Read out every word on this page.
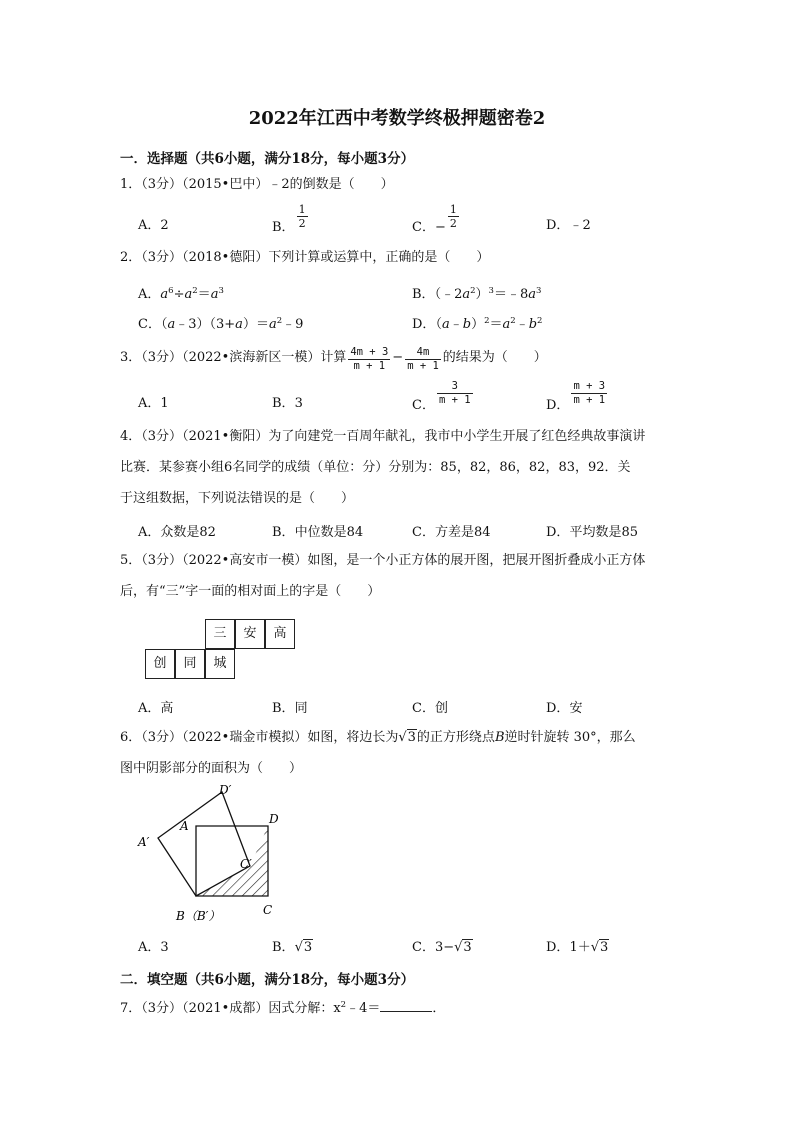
2022年江西中考数学终极押题密卷2
一．选择题（共6小题，满分18分，每小题3分）
1．（3分）（2015•巴中）﹣2的倒数是（　　）
A．2	B． $\frac{1}{2}$	C．− $\frac{1}{2}$	D．﹣2
2．（3分）（2018•德阳）下列计算或运算中，正确的是（　　）
A．$a^6\div a^2=a^3$	B．$(﹣2a^2)^3=﹣8a^3$
C．$(a﹣3)(3+a)=a^2﹣9$	D．$(a﹣b)^2=a^2﹣b^2$
3．（3分）（2022•滨海新区一模）计算 $\frac{4m + 3}{m + 1} - \frac{4m}{m + 1}$ 的结果为（　　）
A．1	B．3	C． $\frac{3}{m + 1}$	D． $\frac{m + 3}{m + 1}$
4．（3分）（2021•衡阳）为了向建党一百周年献礼，我市中小学生开展了红色经典故事演讲
比赛．某参赛小组6名同学的成绩（单位：分）分别为：85，82，86，82，83，92．关
于这组数据，下列说法错误的是（　　）
A．众数是82	B．中位数是84	C．方差是84	D．平均数是85
5．（3分）（2022•高安市一模）如图，是一个小正方体的展开图，把展开图折叠成小正方体
后，有“三”字一面的相对面上的字是（　　）
三	安	高
创	同	城
A．高	B．同	C．创	D．安
6．（3分）（2022•瑞金市模拟）如图，将边长为√3的正方形绕点B逆时针旋转 30°，那么
图中阴影部分的面积为（　　）
D′
A	D
A′
C′
B（B′）	C
A．3	B．√3	C．3−√3	D．1＋√3
二．填空题（共6小题，满分18分，每小题3分）
7．（3分）（2021•成都）因式分解：$x^2﹣4=$	．
